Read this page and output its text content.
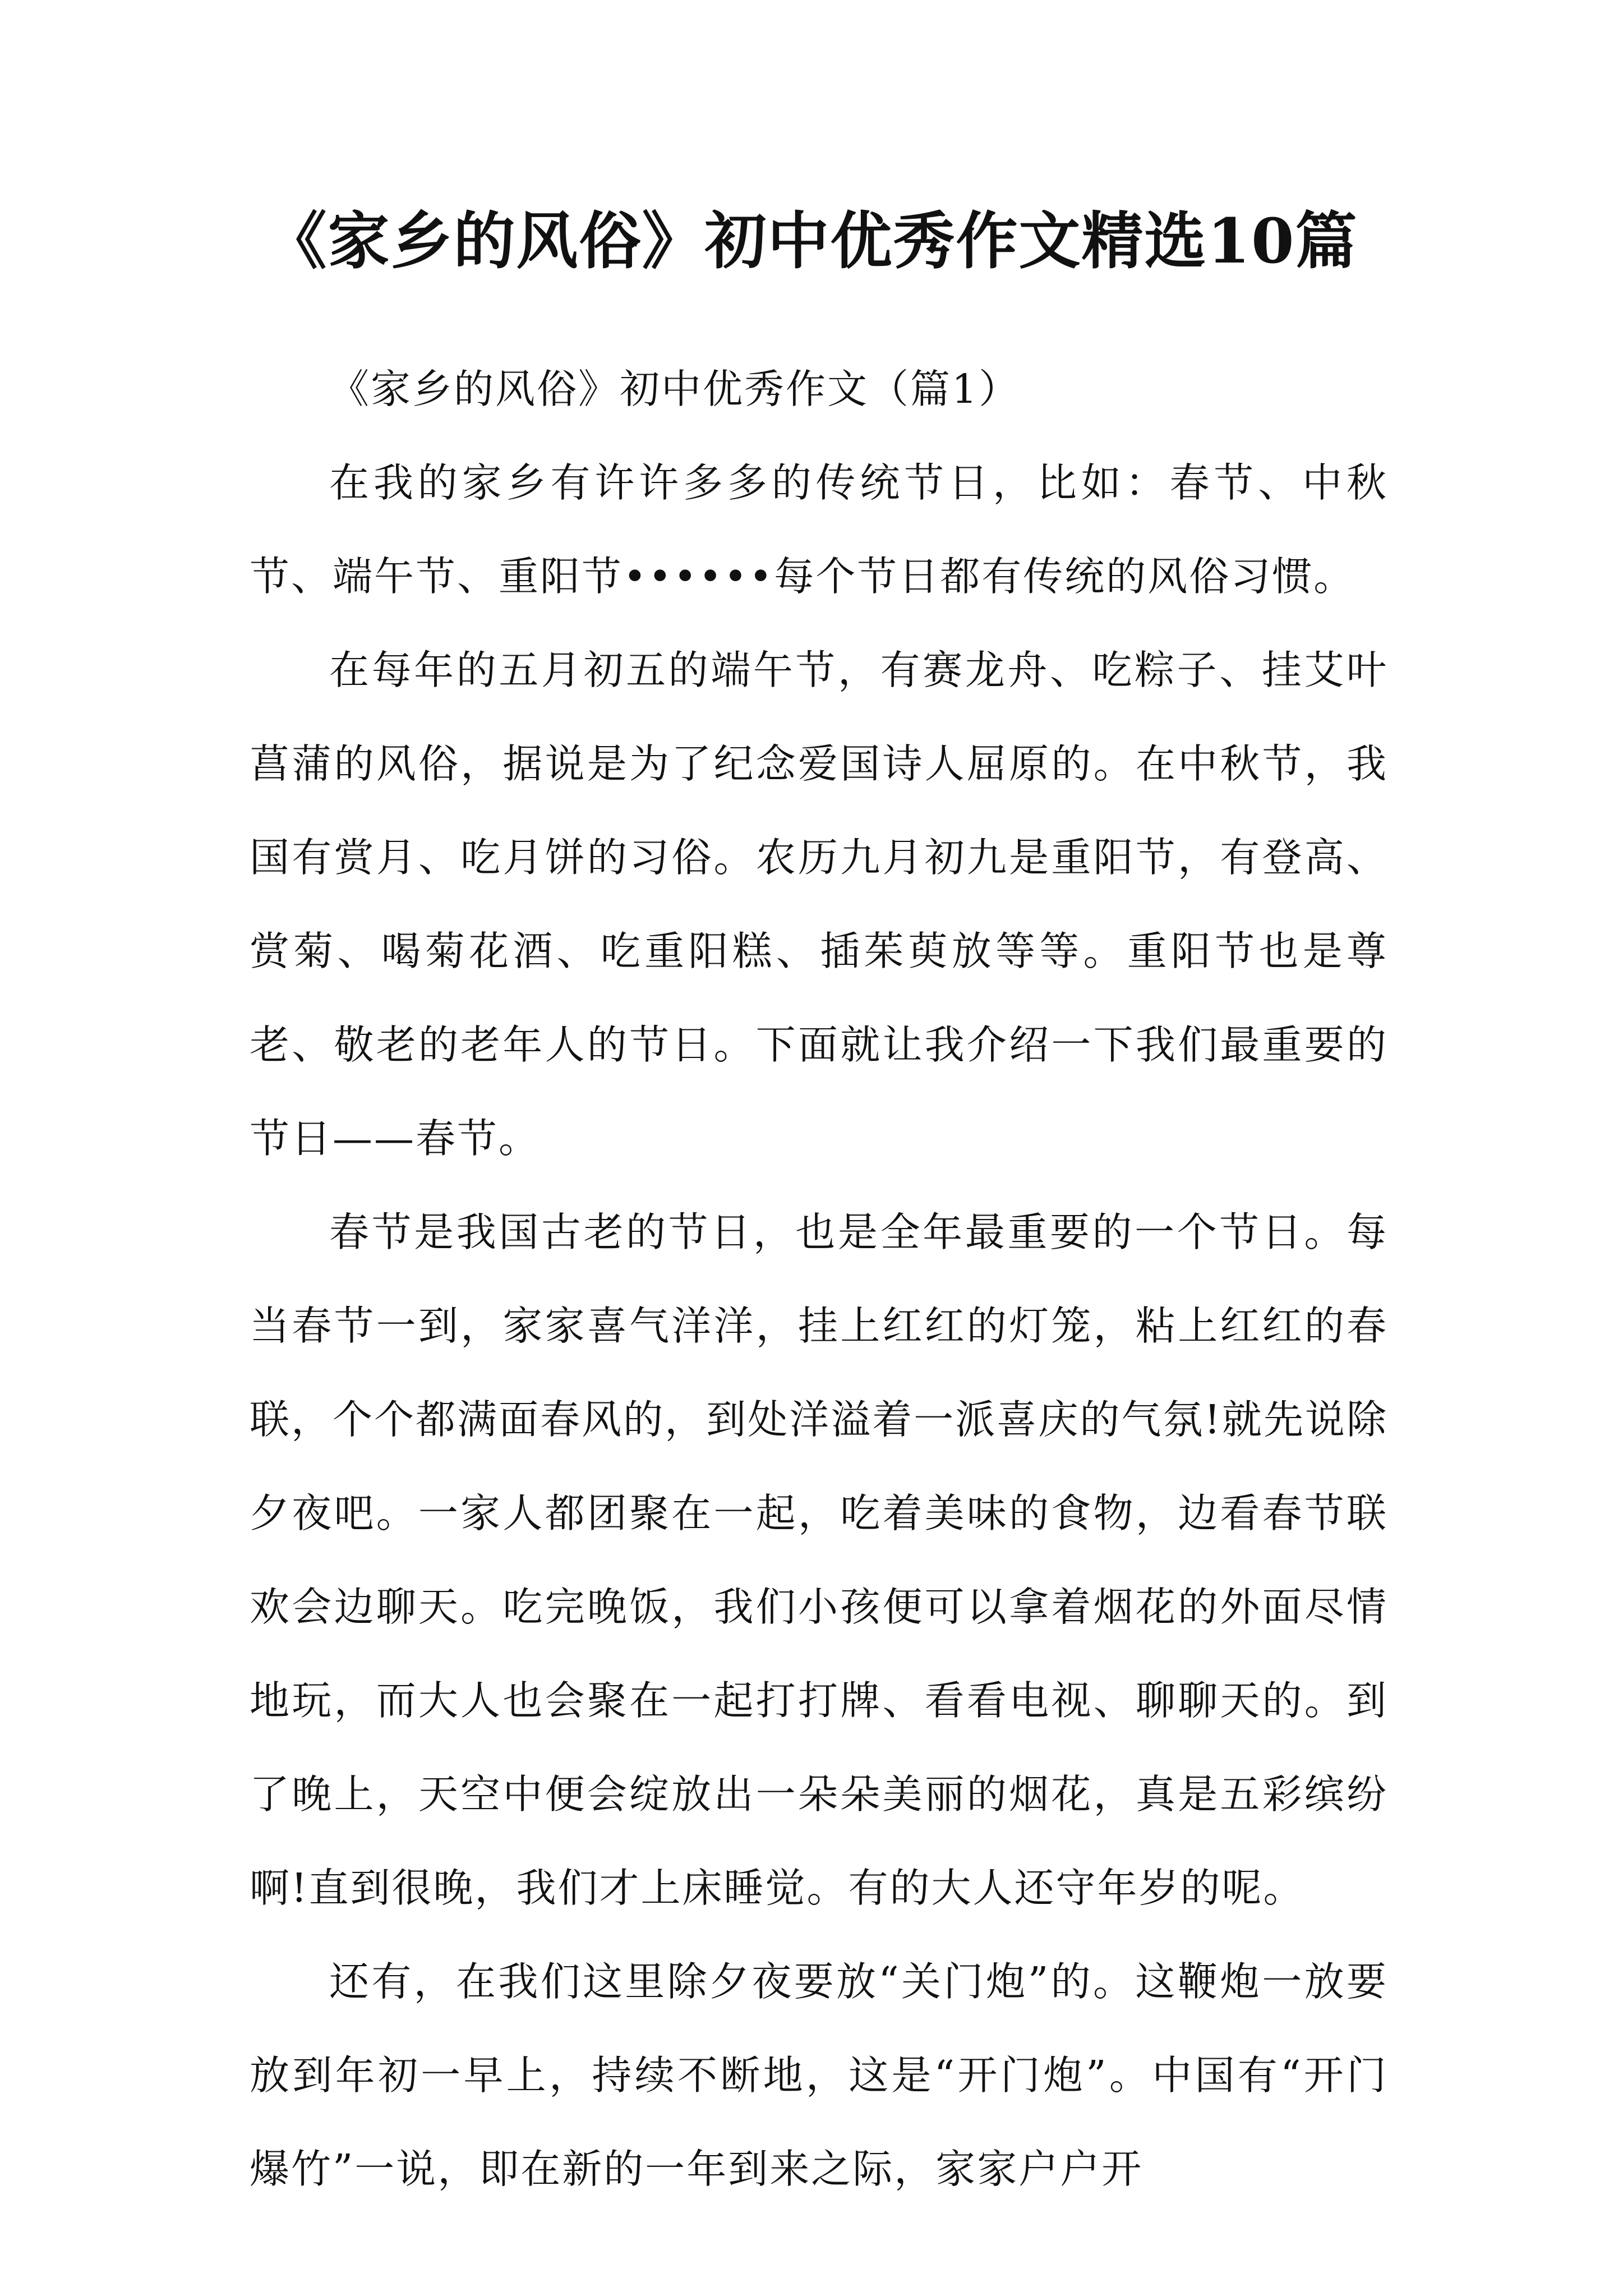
《家乡的风俗》初中优秀作文精选10篇

《家乡的风俗》初中优秀作文（篇1）

在我的家乡有许许多多的传统节日，比如：春节、中秋节、端午节、重阳节••••••每个节日都有传统的风俗习惯。

在每年的五月初五的端午节，有赛龙舟、吃粽子、挂艾叶菖蒲的风俗，据说是为了纪念爱国诗人屈原的。在中秋节，我国有赏月、吃月饼的习俗。农历九月初九是重阳节，有登高、赏菊、喝菊花酒、吃重阳糕、插茱萸放等等。重阳节也是尊老、敬老的老年人的节日。下面就让我介绍一下我们最重要的节日——春节。

春节是我国古老的节日，也是全年最重要的一个节日。每当春节一到，家家喜气洋洋，挂上红红的灯笼，粘上红红的春联，个个都满面春风的，到处洋溢着一派喜庆的气氛!就先说除夕夜吧。一家人都团聚在一起，吃着美味的食物，边看春节联欢会边聊天。吃完晚饭，我们小孩便可以拿着烟花的外面尽情地玩，而大人也会聚在一起打打牌、看看电视、聊聊天的。到了晚上，天空中便会绽放出一朵朵美丽的烟花，真是五彩缤纷啊!直到很晚，我们才上床睡觉。有的大人还守年岁的呢。

还有，在我们这里除夕夜要放“关门炮”的。这鞭炮一放要放到年初一早上，持续不断地，这是“开门炮”。中国有“开门爆竹”一说，即在新的一年到来之际，家家户户开
